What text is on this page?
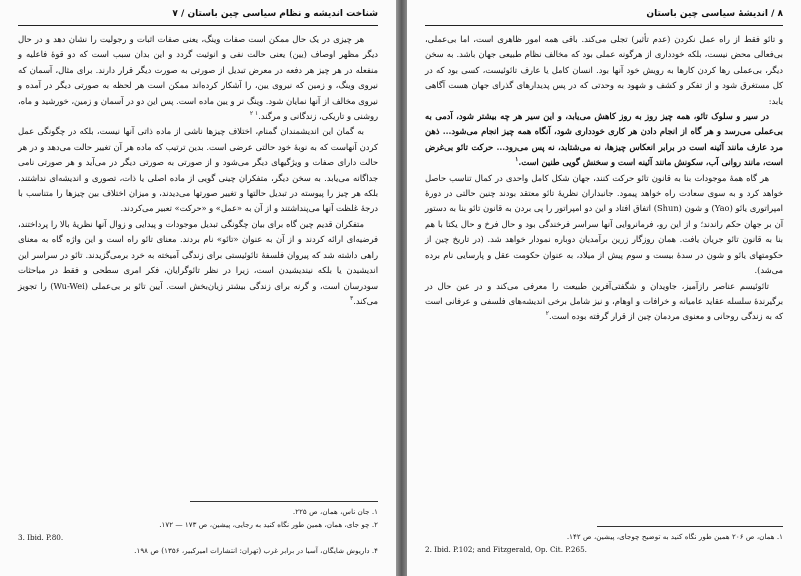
شناخت اندیشه و نظام سیاسی چین باستان / ۷

هر چیزی در یک حال ممکن است صفات وینگ، یعنی صفات اثبات و رجولیت را نشان دهد و در حال دیگر مظهر اوصاف (یین) یعنی حالت نفی و انوثیت گردد و این بدان سبب است که دو قوهٔ فاعلیه و منفعله در هر چیز هر دفعه در معرض تبدیل از صورتی به صورت دیگر قرار دارند. برای مثال، آسمان که نیروی وینگ، و زمین که نیروی یین، را آشکار کرده‌اند ممکن است هر لحظه به صورتی دیگر در آمده و نیروی مخالف از آنها نمایان شود. وینگ نر و یین ماده است. پس این دو در آسمان و زمین، خورشید و ماه، روشنی و تاریکی، زندگانی و مرگند.$^{۱ ۲}$

به گمان این اندیشمندان گمنام، اختلاف چیزها ناشی از ماده ذاتی آنها نیست، بلکه در چگونگی عمل کردن آنهاست که به نوبهٔ خود حالتی عرضی است. بدین ترتیب که ماده هر آن تغییر حالت می‌دهد و در هر حالت دارای صفات و ویژگیهای دیگر می‌شود و از صورتی به صورتی دیگر در می‌آید و هر صورتی نامی جداگانه می‌یابد. به سخن دیگر، متفکران چینی گویی از ماده اصلی یا ذات، تصوری و اندیشه‌ای نداشتند، بلکه هر چیز را پیوسته در تبدیل حالتها و تغییر صورتها می‌دیدند، و میزان اختلاف بین چیزها را متناسب با درجهٔ غلظت آنها می‌پنداشتند و از آن به «عمل» و «حرکت» تعبیر می‌کردند.

متفکران قدیم چین گاه برای بیان چگونگی تبدیل موجودات و پیدایی و زوال آنها نظریهٔ بالا را پرداختند، فرضیه‌ای ارائه کردند و از آن به عنوان «تائو» نام بردند. معنای تائو راه است و این واژه گاه به معنای راهی داشته شد که پیروان فلسفهٔ تائوئیستی برای زندگی آمیخته به خرد برمی‌گزیدند. تائو در سراسر این اندیشیدن یا بلکه نیندیشیدن است، زیرا در نظر تائوگرایان، فکر امری سطحی و فقط در مباحثات سودرسان است، و گرنه برای زندگی بیشتر زیان‌بخش است. آیین تائو بر بی‌عملی (Wu-Wei) را تجویز می‌کند.$^۳$

۱. جان ناس، همان، ص ۲۲۵.
۲. چو جای، همان، همین طور نگاه کنید به رجایی، پیشین، ص ۱۷۳ — ۱۷۲.
3. Ibid. P.80.
۴. داریوش شایگان، آسیا در برابر غرب (تهران: انتشارات امیرکبیر، ۱۳۵۶) ص ۱۹۸.
۸ / اندیشهٔ سیاسی چین باستان

و تائو فقط از راه عمل نکردن (عدم تأثیر) تجلی می‌کند. باقی همه امور ظاهری است، اما بی‌عملی، بی‌فعالی محض نیست، بلکه خودداری از هرگونه عملی بود که مخالف نظام طبیعی جهان باشد. به سخن دیگر، بی‌عملی رها کردن کارها به رویش خود آنها بود. انسان کامل یا عارف تائوئیست، کسی بود که در کل مستغرق شود و از تفکر و کشف و شهود به وحدتی که در پس پدیدارهای گذرای جهان هست آگاهی یابد:

در سیر و سلوک تائو، همه چیز روز به روز کاهش می‌یابد، و این سیر هر چه بیشتر شود، آدمی به بی‌عملی می‌رسد و هر گاه از انجام دادن هر کاری خودداری شود، آنگاه همه چیز انجام می‌شود... ذهن مرد عارف مانند آئینه است در برابر انعکاس چیزها، نه می‌شتابد، نه پس می‌رود... حرکت تائو بی‌غرض است، مانند روانی آب، سکونش مانند آئینه است و سخنش گویی طنین است.$^۱$

هر گاه همهٔ موجودات بنا به قانون تائو حرکت کنند، جهان شکل کامل واحدی در کمال تناسب حاصل خواهد کرد و به سوی سعادت راه خواهد پیمود. جانبداران نظریهٔ تائو معتقد بودند چنین حالتی در دورهٔ امپراتوری یائو (Yao) و شون (Shun) اتفاق افتاد و این دو امپراتور را پی بردن به قانون تائو بنا به دستور آن بر جهان حکم راندند؛ و از این رو، فرمانروایی آنها سراسر فرخندگی بود و حال فرخ و حال یکتا با هم بنا به قانون تائو جریان یافت. همان روزگار زرین برآمدیان دوباره نمودار خواهد شد. (در تاریخ چین از حکومتهای یائو و شون در سدهٔ بیست و سوم پیش از میلاد، به عنوان حکومت عقل و پارسایی نام برده می‌شد).

تائوئیسم عناصر رازآمیز، جاویدان و شگفتی‌آفرین طبیعت را معرفی می‌کند و در عین حال در برگیرندهٔ سلسله عقاید عامیانه و خرافات و اوهام، و نیز شامل برخی اندیشه‌های فلسفی و عرفانی است که به زندگی روحانی و معنوی مردمان چین از قرار گرفته بوده است.$^۲$

۱. همان، ص ۲۰۶ همین طور نگاه کنید به توضیح چوجای، پیشین، ص ۱۴۲.
2. Ibid. P.102; and Fitzgerald, Op. Cit. P.265.
